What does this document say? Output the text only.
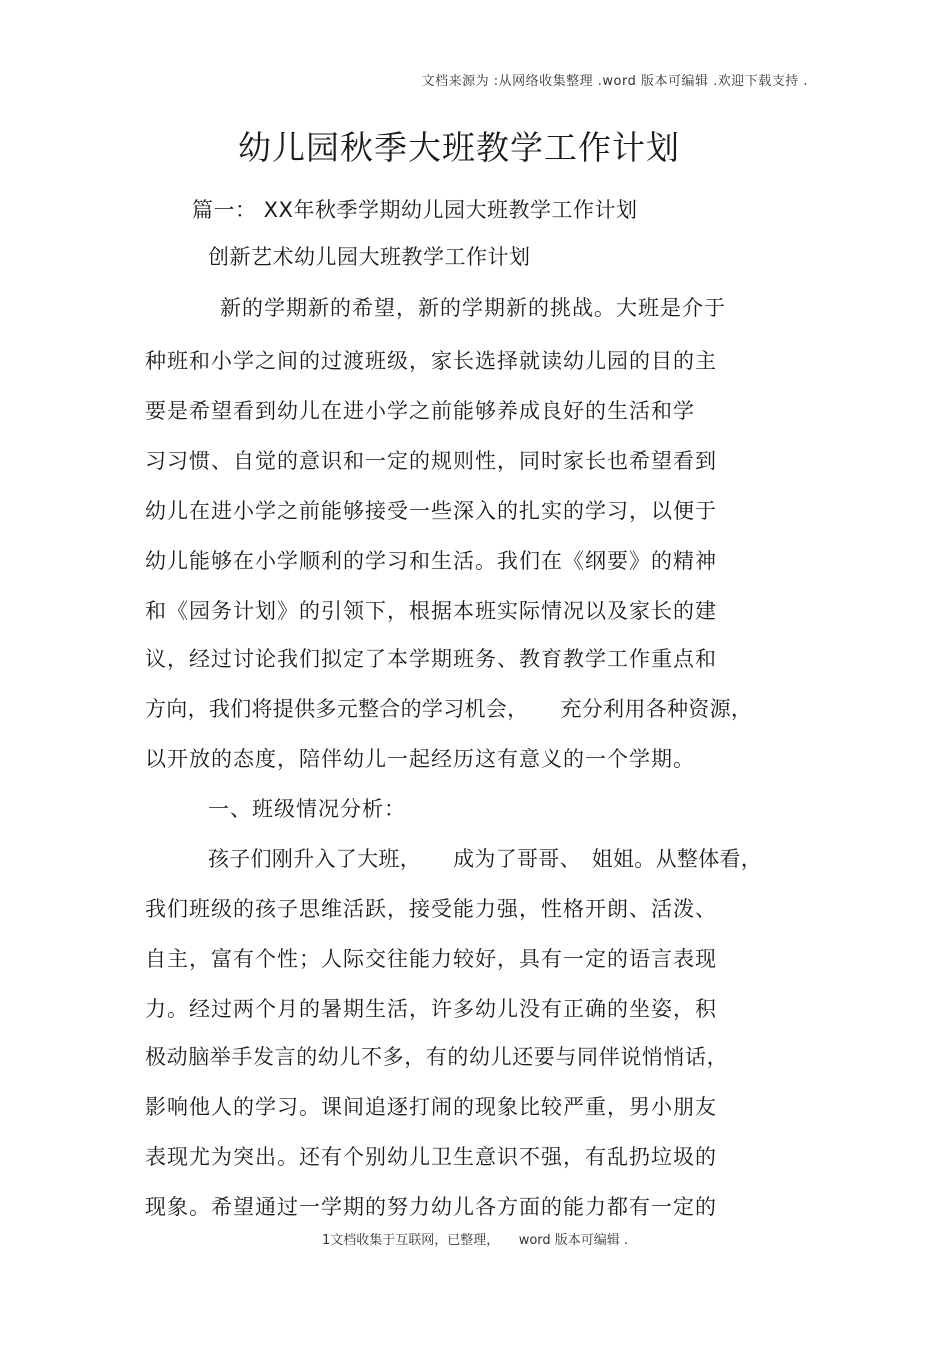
文档来源为 :从网络收集整理 .word 版本可编辑 .欢迎下载支持 .
幼儿园秋季大班教学工作计划
篇一： XX年秋季学期幼儿园大班教学工作计划
创新艺术幼儿园大班教学工作计划
新的学期新的希望，新的学期新的挑战。大班是介于
种班和小学之间的过渡班级，家长选择就读幼儿园的目的主
要是希望看到幼儿在进小学之前能够养成良好的生活和学
习习惯、自觉的意识和一定的规则性，同时家长也希望看到
幼儿在进小学之前能够接受一些深入的扎实的学习，以便于
幼儿能够在小学顺利的学习和生活。我们在《纲要》的精神
和《园务计划》的引领下，根据本班实际情况以及家长的建
议，经过讨论我们拟定了本学期班务、教育教学工作重点和
方向，我们将提供多元整合的学习机会，　　充分利用各种资源，
以开放的态度，陪伴幼儿一起经历这有意义的一个学期。
一、班级情况分析：
孩子们刚升入了大班，　　成为了哥哥、　姐姐。从整体看，
我们班级的孩子思维活跃，接受能力强，性格开朗、活泼、
自主，富有个性；人际交往能力较好，具有一定的语言表现
力。经过两个月的暑期生活，许多幼儿没有正确的坐姿，积
极动脑举手发言的幼儿不多，有的幼儿还要与同伴说悄悄话，
影响他人的学习。课间追逐打闹的现象比较严重，男小朋友
表现尤为突出。还有个别幼儿卫生意识不强，有乱扔垃圾的
现象。希望通过一学期的努力幼儿各方面的能力都有一定的
1文档收集于互联网，已整理，　　word 版本可编辑 .
